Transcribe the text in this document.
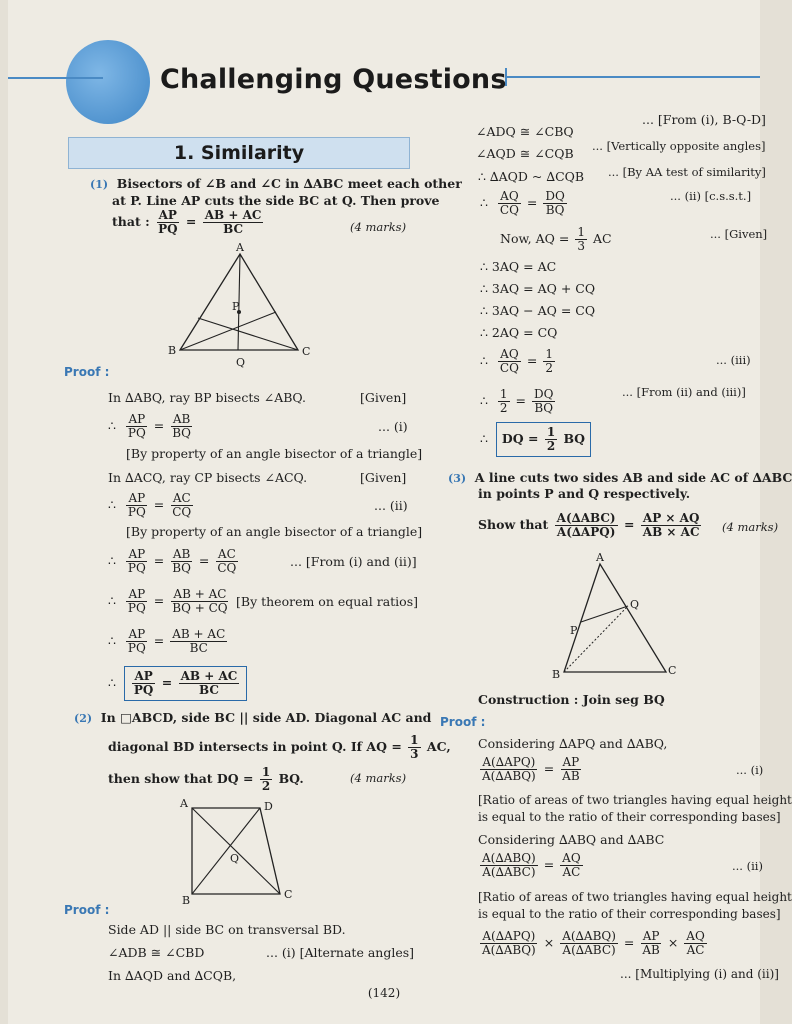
Challenging Questions
1. Similarity
(1) Bisectors of ∠B and ∠C in ∆ABC meet each other
at P. Line AP cuts the side BC at Q. Then prove
that : $\frac{AP}{PQ} = \frac{AB + AC}{BC}$	(4 marks)
A
B	C
P
Q
Proof :
In ∆ABQ, ray BP bisects ∠ABQ.	[Given]
∴ $\frac{AP}{PQ} = \frac{AB}{BQ}$	... (i)
[By property of an angle bisector of a triangle]
In ∆ACQ, ray CP bisects ∠ACQ.	[Given]
∴ $\frac{AP}{PQ} = \frac{AC}{CQ}$	... (ii)
[By property of an angle bisector of a triangle]
∴ $\frac{AP}{PQ} = \frac{AB}{BQ} = \frac{AC}{CQ}$	... [From (i) and (ii)]
∴ $\frac{AP}{PQ} = \frac{AB + AC}{BQ + CQ} [By$ theorem on equal ratios]
∴ $\frac{AP}{PQ} = \frac{AB + AC}{BC}$
∴ $\frac{AP}{PQ} = \frac{AB + AC}{BC}$
(2) In □ABCD, side BC || side AD. Diagonal AC and
diagonal BD intersects in point Q. If AQ = $\frac{1}{3}$ AC,
then show that DQ = $\frac{1}{2}$ BQ.	(4 marks)
A	D
B	C
Q
Proof :
Side AD || side BC on transversal BD.
∠ADB ≅ ∠CBD	... (i) [Alternate angles]
In ∆AQD and ∆CQB,
∠ADQ ≅ ∠CBQ
... [From (i), B-Q-D]
∠AQD ≅ ∠CQB ... [Vertically opposite angles]
∴ ∆AQD ~ ∆CQB ... [By AA test of similarity]
∴ $\frac{AQ}{CQ} = \frac{DQ}{BQ}$	... (ii) [c.s.s.t.]
Now, AQ = $\frac{1}{3}$ AC	... [Given]
∴ 3AQ = AC
∴ 3AQ = AQ + CQ
∴ 3AQ − AQ = CQ
∴ 2AQ = CQ
∴ $\frac{AQ}{CQ} = \frac{1}{2}$	... (iii)
∴ $\frac{1}{2} = \frac{DQ}{BQ}$	... [From (ii) and (iii)]
∴ DQ = $\frac{1}{2}$ BQ
(3) A line cuts two sides AB and side AC of ∆ABC
in points P and Q respectively.
Show that $\frac{\text{A(∆ABC)}}{\text{A(∆APQ)}} = \frac{AP \times AQ}{AB \times AC} (4$ marks)
A
B	C
P
Q
Construction : Join seg BQ
Proof :
Considering ∆APQ and ∆ABQ,
$\frac{\text{A(∆APQ)}}{\text{A(∆ABQ)}} = \frac{AP}{AB}$	... (i)
[Ratio of areas of two triangles having equal height
is equal to the ratio of their corresponding bases]
Considering ∆ABQ and ∆ABC
$\frac{\text{A(∆ABQ)}}{\text{A(∆ABC)}} = \frac{AQ}{AC}$	... (ii)
[Ratio of areas of two triangles having equal height
is equal to the ratio of their corresponding bases]
$\frac{\text{A(∆APQ)}}{\text{A(∆ABQ)}} \times \frac{\text{A(∆ABQ)}}{\text{A(∆ABC)}} = \frac{AP}{AB} \times \frac{AQ}{AC}$
... [Multiplying (i) and (ii)]
(142)
